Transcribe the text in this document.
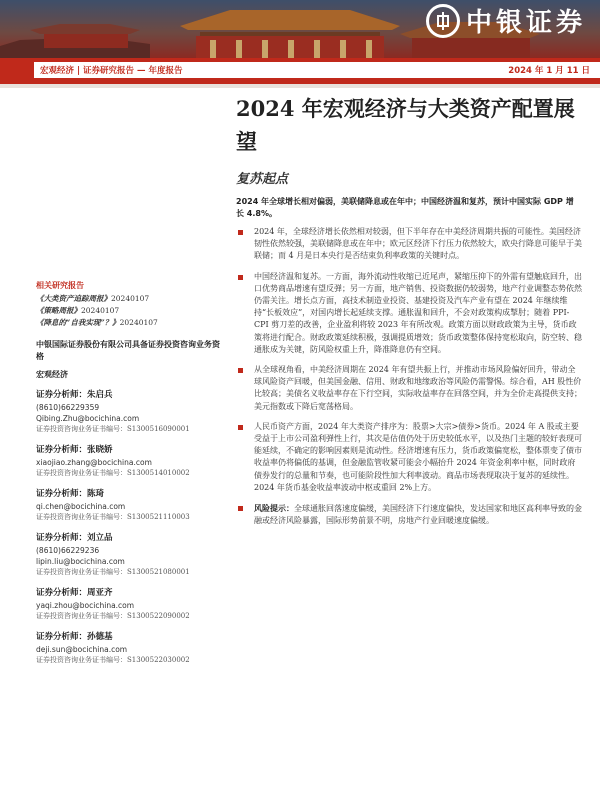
中银证券
宏观经济 | 证券研究报告 — 年度报告	2024 年 1 月 11 日
2024 年宏观经济与大类资产配置展望
复苏起点
2024 年全球增长相对偏弱，美联储降息或在年中；中国经济温和复苏，预计中国实际 GDP 增长 4.8%。
2024 年，全球经济增长依然相对较弱，但下半年存在中美经济周期共振的可能性。美国经济韧性依然较强，美联储降息或在年中；欧元区经济下行压力依然较大，欧央行降息可能早于美联储；而 4 月是日本央行是否结束负利率政策的关键时点。
中国经济温和复苏。一方面，海外流动性收缩已近尾声，紧缩压抑下的外需有望触底回升，出口优势商品增速有望反弹；另一方面，地产销售、投资数据仍较弱势，地产行业调整态势依然仍需关注。增长点方面，高技术制造业投资、基建投资及汽车产业有望在 2024 年继续维持“长板效应”，对国内增长起延续支撑。通胀温和回升，不会对政策构成掣肘；随着 PPI-CPI 剪刀差的改善，企业盈利将较 2023 年有所改观。政策方面以财政政策为主导，货币政策将进行配合。财政政策延续积极，强调提质增效；货币政策整体保持宽松取向，防空转、稳通胀成为关键，防风险权重上升，降准降息仍有空间。
从全球视角看，中美经济周期在 2024 年有望共振上行，并推动市场风险偏好回升，带动全球风险资产回暖，但美国金融、信用、财政和地缘政治等风险仍需警惕。综合看，AH 股性价比较高；美债名义收益率存在下行空间，实际收益率存在回落空间，并为全价走高提供支持；美元指数或下降后宽荡格局。
人民币资产方面，2024 年大类资产排序为：股票>大宗>债券>货币。2024 年 A 股或主要受益于上市公司盈利弹性上行，其次是估值仍处于历史较低水平，以及热门主题的较好表现可能延续，不确定的影响因素则是流动性。经济增速有压力，货币政策偏宽松，整体票变了债市收益率仍将偏低的基调，但金融监管收紧可能会小幅抬升 2024 年资金利率中枢，同时政府债券发行的总量和节奏，也可能阶段性加大利率波动。商品市场表现取决于复苏的延续性。2024 年货币基金收益率波动中枢或重回 2%上方。
风险提示：全球通胀回落速度偏缓，美国经济下行速度偏快，发达国家和地区高利率导致的金融或经济风险暴露，国际形势前景不明，房地产行业回暖速度偏缓。
相关研究报告
《大类资产追踪周报》20240107
《策略周报》20240107
《降息的“自我实现”？》20240107
中银国际证券股份有限公司具备证券投资咨询业务资格
宏观经济
证券分析师：朱启兵
(8610)66229359
Qibing.Zhu@bocichina.com
证券投资咨询业务证书编号：S1300516090001
证券分析师：张晓娇
xiaojiao.zhang@bocichina.com
证券投资咨询业务证书编号：S1300514010002
证券分析师：陈琦
qi.chen@bocichina.com
证券投资咨询业务证书编号：S1300521110003
证券分析师：刘立品
(8610)66229236
lipin.liu@bocichina.com
证券投资咨询业务证书编号：S1300521080001
证券分析师：周亚齐
yaqi.zhou@bocichina.com
证券投资咨询业务证书编号：S1300522090002
证券分析师：孙德基
deji.sun@bocichina.com
证券投资咨询业务证书编号：S1300522030002
